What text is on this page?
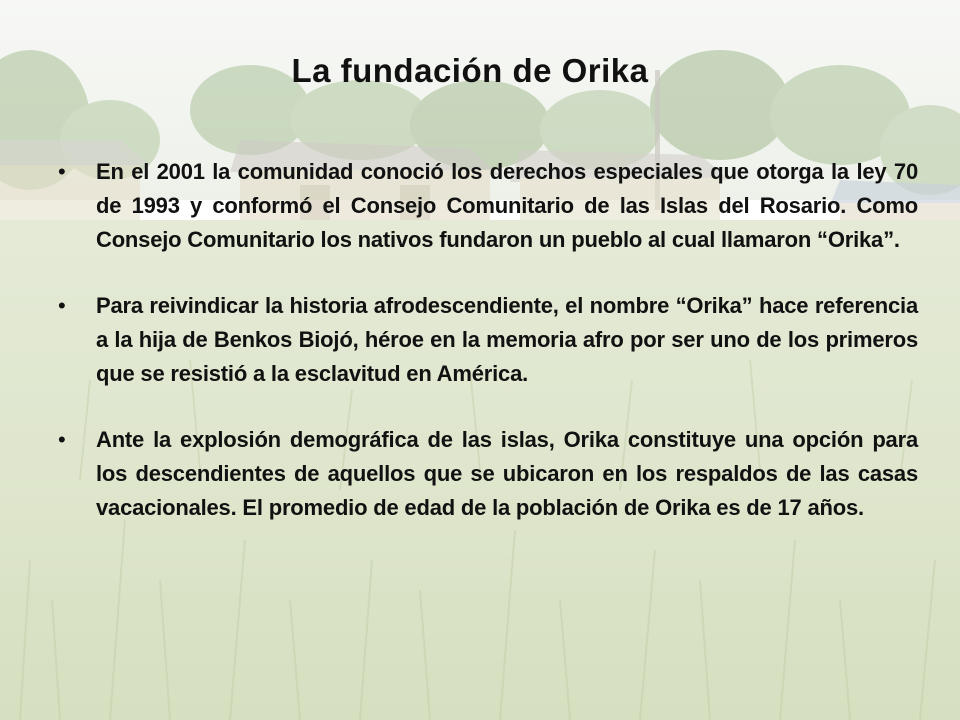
La fundación de Orika
• En el 2001 la comunidad conoció los derechos especiales que otorga la ley 70 de 1993 y conformó el Consejo Comunitario de las Islas del Rosario. Como Consejo Comunitario los nativos fundaron un pueblo al cual llamaron “Orika”.
• Para reivindicar la historia afrodescendiente, el nombre “Orika” hace referencia a la hija de Benkos Biojó, héroe en la memoria afro por ser uno de los primeros que se resistió a la esclavitud en América.
• Ante la explosión demográfica de las islas, Orika constituye una opción para los descendientes de aquellos que se ubicaron en los respaldos de las casas vacacionales. El promedio de edad de la población de Orika es de 17 años.
